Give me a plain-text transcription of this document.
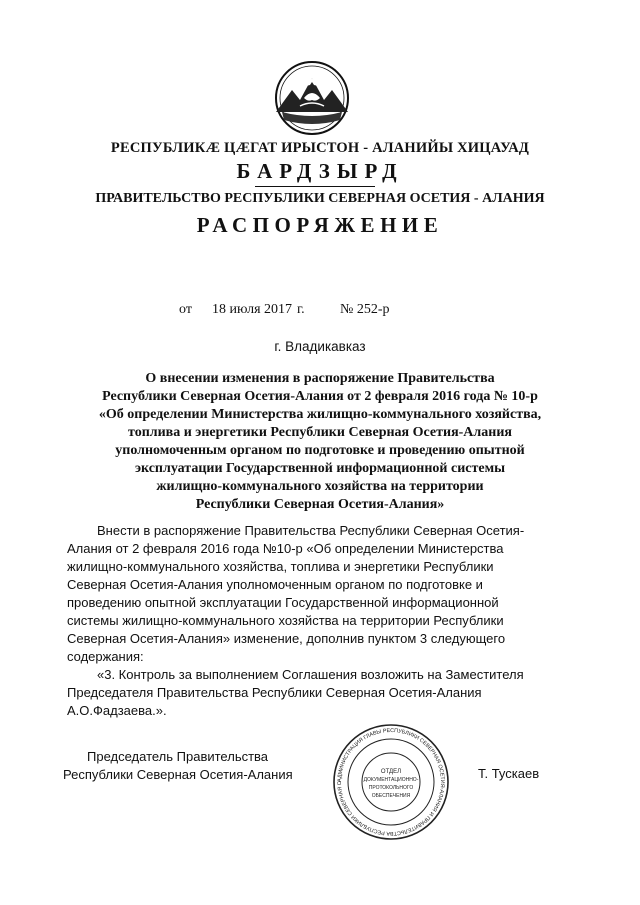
РЕСПУБЛИКӔ ЦӔГАТ ИРЫСТОН - АЛАНИЙЫ ХИЦАУАД
БАРДЗЫРД
ПРАВИТЕЛЬСТВО РЕСПУБЛИКИ СЕВЕРНАЯ ОСЕТИЯ - АЛАНИЯ
РАСПОРЯЖЕНИЕ
от 18 июля 2017 г.	№ 252-р
г. Владикавказ
О внесении изменения в распоряжение Правительства
Республики Северная Осетия-Алания от 2 февраля 2016 года № 10-р
«Об определении Министерства жилищно-коммунального хозяйства,
топлива и энергетики Республики Северная Осетия-Алания
уполномоченным органом по подготовке и проведению опытной
эксплуатации Государственной информационной системы
жилищно-коммунального хозяйства на территории
Республики Северная Осетия-Алания»
Внести в распоряжение Правительства Республики Северная Осетия-
Алания от 2 февраля 2016 года №10-р «Об определении Министерства
жилищно-коммунального хозяйства, топлива и энергетики Республики
Северная Осетия-Алания уполномоченным органом по подготовке и
проведению опытной эксплуатации Государственной информационной
системы жилищно-коммунального хозяйства на территории Республики
Северная Осетия-Алания» изменение, дополнив пунктом 3 следующего
содержания:
«3. Контроль за выполнением Соглашения возложить на Заместителя
Председателя Правительства Республики Северная Осетия-Алания
А.О.Фадзаева.».
Председатель Правительства
Республики Северная Осетия-Алания	АДМИНИСТРАЦИЯ ГЛАВЫ РЕСПУБЛИКИ СЕВЕРНАЯ ОСЕТИЯ-АЛАНИЯ И ПРАВИТЕЛЬСТВА РЕСПУБЛИКИ СЕВЕРНАЯ О
ОТДЕЛ
ДОКУМЕНТАЦИОННО-
ПРОТОКОЛЬНОГО
ОБЕСПЕЧЕНИЯ
Т. Тускаев
